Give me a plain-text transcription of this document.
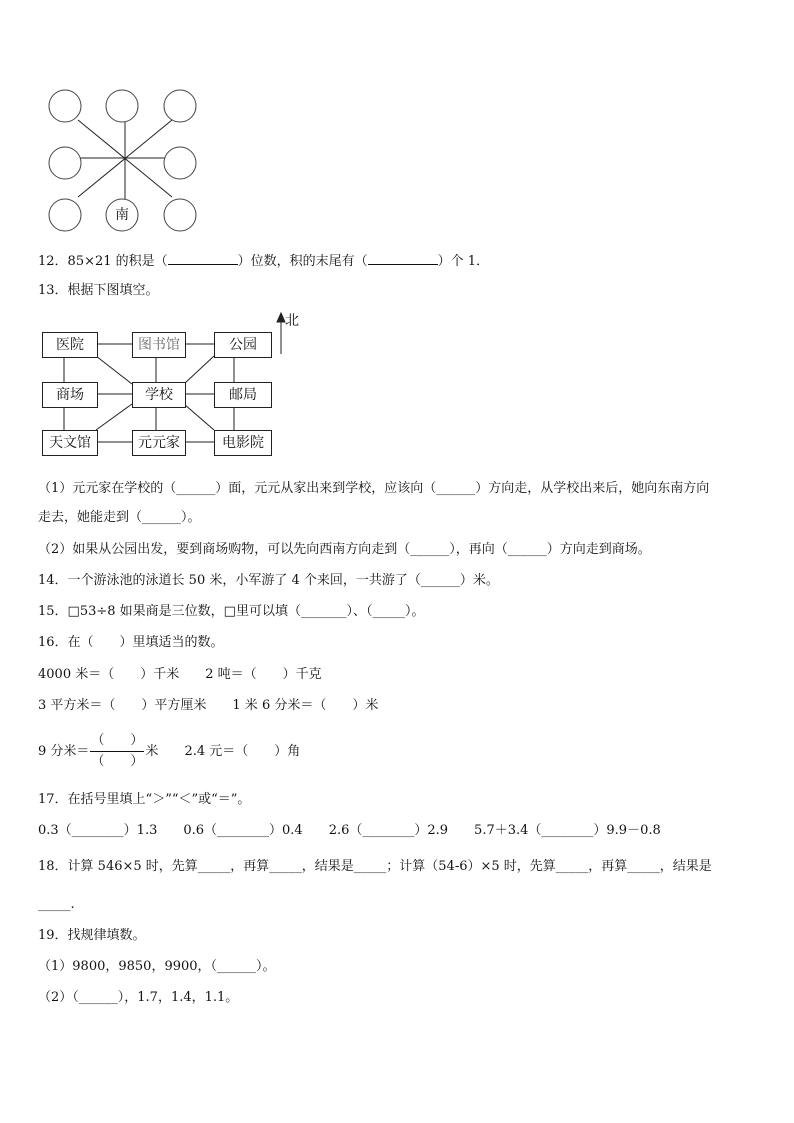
南
12．85×21 的积是（	）位数，积的末尾有（	）个 1．
13．根据下图填空。
医院	图书馆	公园
商场	学校	邮局
天文馆	元元家	电影院
北
（1）元元家在学校的（______）面，元元从家出来到学校，应该向（______）方向走，从学校出来后，她向东南方向
走去，她能走到（______）。
（2）如果从公园出发，要到商场购物，可以先向西南方向走到（______），再向（______）方向走到商场。
14．一个游泳池的泳道长 50 米，小军游了 4 个来回，一共游了（______）米。
15．□53÷8 如果商是三位数，□里可以填（_______）、（_____）。
16．在（　　）里填适当的数。
4000 米＝（　　）千米　　2 吨＝（　　）千克
3 平方米＝（　　）平方厘米　　1 米 6 分米＝（　　）米
9 分米＝ $\frac{( )}{( )}$ 米 2.4 元＝（　　）角
17．在括号里填上“＞”“＜”或“＝”。
0.3（________）1.3　　0.6（________）0.4　　2.6（________）2.9　　5.7＋3.4（________）9.9－0.8
18．计算 546×5 时，先算_____，再算_____，结果是_____；计算（54-6）×5 时，先算_____，再算_____，结果是
_____.
19．找规律填数。
（1）9800，9850，9900，（______）。
（2）（______），1.7，1.4，1.1。
